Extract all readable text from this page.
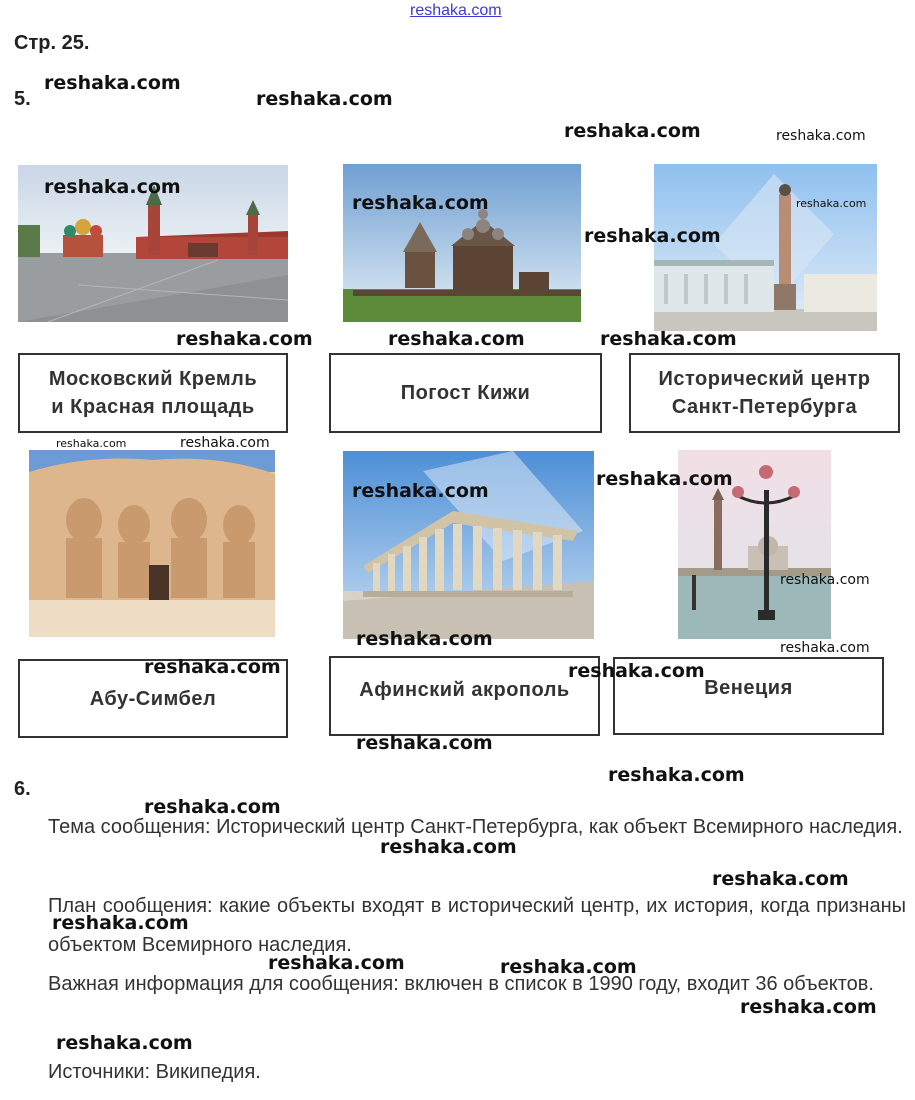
reshaka.com
Стр. 25.
5.
Московский Кремль
и Красная площадь
Погост Кижи
Исторический центр
Санкт-Петербурга
Абу-Симбел	Афинский акрополь	Венеция
6.

Тема сообщения: Исторический центр Санкт-Петербурга, как объект Всемирного наследия.

План сообщения: какие объекты входят в исторический центр, их история, когда признаны объектом Всемирного наследия.

Важная информация для сообщения: включен в список в 1990 году, входит 36 объектов.

Источники: Википедия.

reshaka.com
reshaka.com
reshaka.com	reshaka.com
reshaka.com
reshaka.com	reshaka.com
reshaka.com
reshaka.com	reshaka.com	reshaka.com
reshaka.com	reshaka.com
reshaka.com
reshaka.com
reshaka.com
reshaka.com	reshaka.com
reshaka.com	reshaka.com
reshaka.com
reshaka.com
reshaka.com
reshaka.com
reshaka.com
reshaka.com
reshaka.com	reshaka.com
reshaka.com
reshaka.com
